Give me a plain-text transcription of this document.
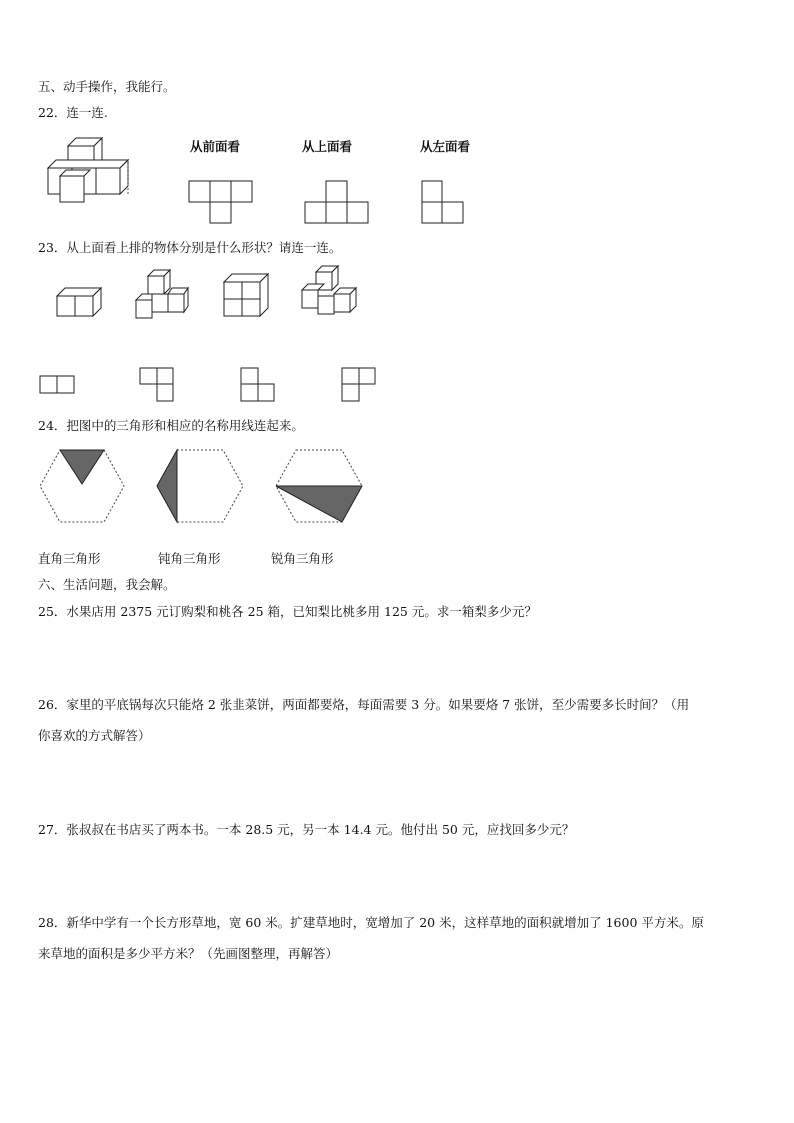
五、动手操作，我能行。
22．连一连.
从前面看	从上面看	从左面看
23．从上面看上排的物体分别是什么形状？请连一连。
24．把图中的三角形和相应的名称用线连起来。
直角三角形	钝角三角形	锐角三角形
六、生活问题，我会解。
25．水果店用 2375 元订购梨和桃各 25 箱，已知梨比桃多用 125 元。求一箱梨多少元？
26．家里的平底锅每次只能烙 2 张韭菜饼，两面都要烙，每面需要 3 分。如果要烙 7 张饼，至少需要多长时间？（用
你喜欢的方式解答）
27．张叔叔在书店买了两本书。一本 28.5 元，另一本 14.4 元。他付出 50 元，应找回多少元？
28．新华中学有一个长方形草地，宽 60 米。扩建草地时，宽增加了 20 米，这样草地的面积就增加了 1600 平方米。原
来草地的面积是多少平方米？（先画图整理，再解答）
